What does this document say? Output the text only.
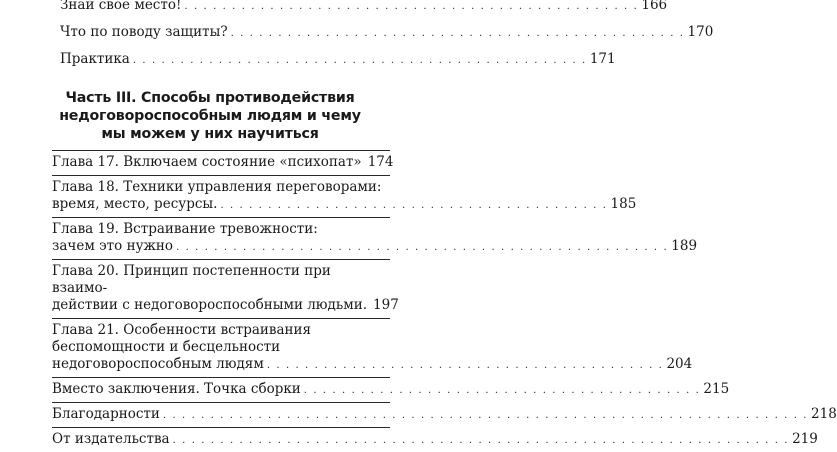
Знай свое место! . . . . . . . . . . . . . . . . . . . . . . . . . . . . . . . . . . . . . . . . . . . . . . . . 166
Что по поводу защиты? . . . . . . . . . . . . . . . . . . . . . . . . . . . . . . . . . . . . . . . . . . . . . . . . 170
Практика . . . . . . . . . . . . . . . . . . . . . . . . . . . . . . . . . . . . . . . . . . . . . . . . 171
Часть III. Способы противодействия
недоговороспособным людям и чему
мы можем у них научиться
Глава 17. Включаем состояние «психопат» 174
Глава 18. Техники управления переговорами:
время, место, ресурсы. . . . . . . . . . . . . . . . . . . . . . . . . . . . . . . . . . . . . . . . . . 185
Глава 19. Встраивание тревожности:
зачем это нужно . . . . . . . . . . . . . . . . . . . . . . . . . . . . . . . . . . . . . . . . . . . . . . . . . . . . 189
Глава 20. Принцип постепенности при взаимо-
действии с недоговороспособными людьми. 197
Глава 21. Особенности встраивания
беспомощности и бесцельности
недоговороспособным людям . . . . . . . . . . . . . . . . . . . . . . . . . . . . . . . . . . . . . . . . . . 204
Вместо заключения. Точка сборки . . . . . . . . . . . . . . . . . . . . . . . . . . . . . . . . . . . . . . . . . . 215
Благодарности . . . . . . . . . . . . . . . . . . . . . . . . . . . . . . . . . . . . . . . . . . . . . . . . . . . . . . . . . . . . . . . . . . . . 218
От издательства . . . . . . . . . . . . . . . . . . . . . . . . . . . . . . . . . . . . . . . . . . . . . . . . . . . . . . . . . . . . . . . . . 219
